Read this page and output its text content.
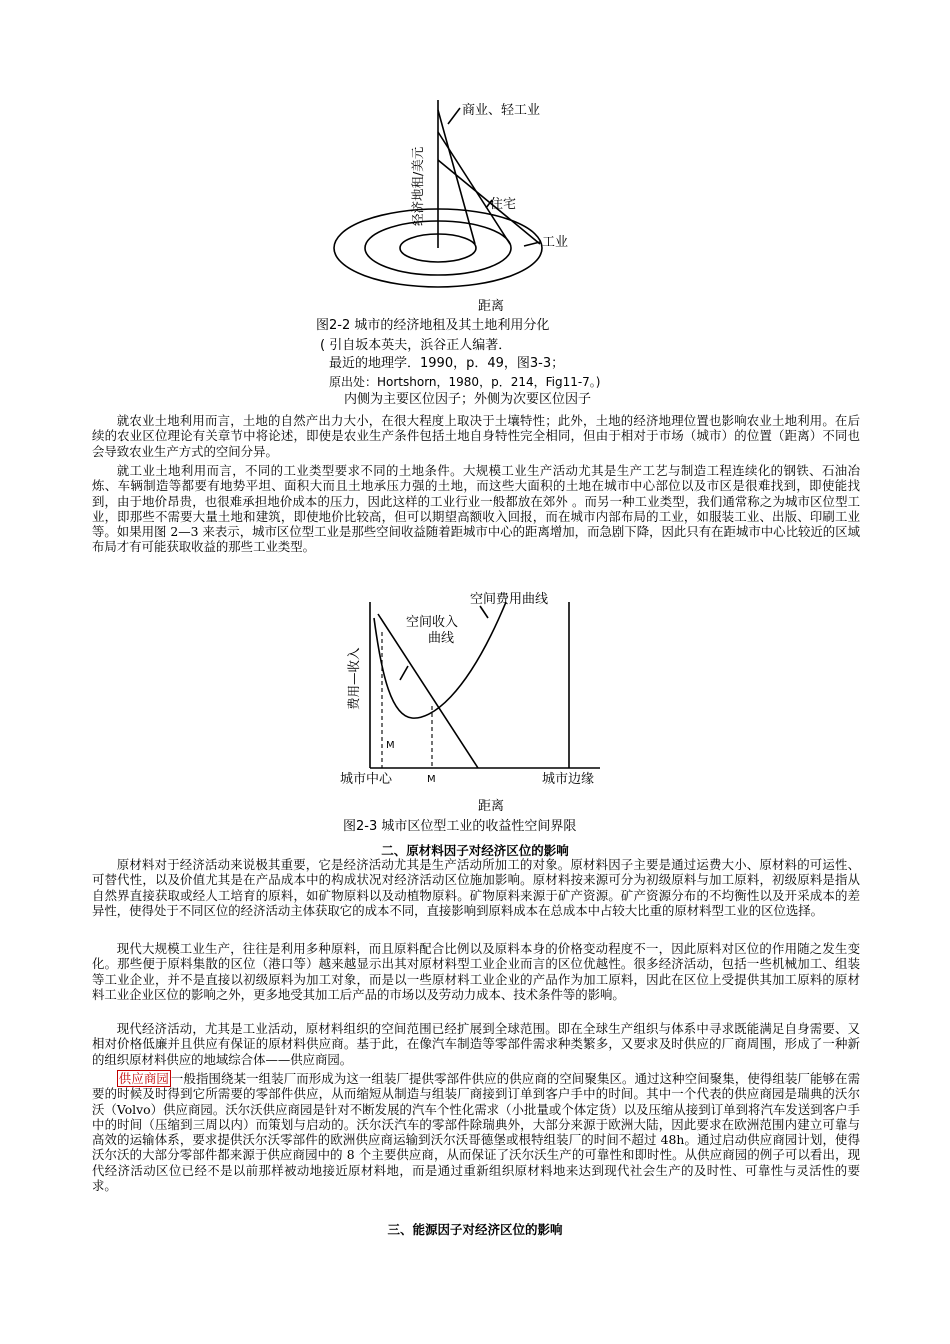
商业、轻工业
住宅
工业
距离
经济地租/美元
图2-2 城市的经济地租及其土地利用分化
( 引自坂本英夫，浜谷正人编著．
最近的地理学．1990，p．49，图3-3；
原出处：Hortshorn，1980，p．214，Fig11-7。)
内侧为主要区位因子；外侧为次要区位因子

就农业土地利用而言，土地的自然产出力大小，在很大程度上取决于土壤特性；此外，土地的经济地理位置也影响农业土地利用。在后续的农业区位理论有关章节中将论述，即使是农业生产条件包括土地自身特性完全相同，但由于相对于市场（城市）的位置（距离）不同也会导致农业生产方式的空间分异。

就工业土地利用而言，不同的工业类型要求不同的土地条件。大规模工业生产活动尤其是生产工艺与制造工程连续化的钢铁、石油冶炼、车辆制造等都要有地势平坦、面积大而且土地承压力强的土地，而这些大面积的土地在城市中心部位以及市区是很难找到，即使能找到，由于地价昂贵，也很难承担地价成本的压力，因此这样的工业行业一般都放在郊外 。而另一种工业类型，我们通常称之为城市区位型工业，即那些不需要大量土地和建筑，即使地价比较高，但可以期望高额收入回报，而在城市内部布局的工业，如服装工业、出版、印刷工业等。如果用图 2—3 来表示，城市区位型工业是那些空间收益随着距城市中心的距离增加，而急剧下降，因此只有在距城市中心比较近的区域布局才有可能获取收益的那些工业类型。

空间费用曲线
空间收入
曲线
费用—收入
M
M
城市中心	城市边缘
距离
图2-3 城市区位型工业的收益性空间界限
二、原材料因子对经济区位的影响

原材料对于经济活动来说极其重要，它是经济活动尤其是生产活动所加工的对象。原材料因子主要是通过运费大小、原材料的可运性、可替代性，以及价值尤其是在产品成本中的构成状况对经济活动区位施加影响。原材料按来源可分为初级原料与加工原料，初级原料是指从自然界直接获取或经人工培育的原料，如矿物原料以及动植物原料。矿物原料来源于矿产资源。矿产资源分布的不均衡性以及开采成本的差异性，使得处于不同区位的经济活动主体获取它的成本不同，直接影响到原料成本在总成本中占较大比重的原材料型工业的区位选择。

现代大规模工业生产，往往是利用多种原料，而且原料配合比例以及原料本身的价格变动程度不一，因此原料对区位的作用随之发生变化。那些便于原料集散的区位（港口等）越来越显示出其对原材料型工业企业而言的区位优越性。很多经济活动，包括一些机械加工、组装等工业企业，并不是直接以初级原料为加工对象，而是以一些原材料工业企业的产品作为加工原料，因此在区位上受提供其加工原料的原材料工业企业区位的影响之外，更多地受其加工后产品的市场以及劳动力成本、技术条件等的影响。

现代经济活动，尤其是工业活动，原材料组织的空间范围已经扩展到全球范围。即在全球生产组织与体系中寻求既能满足自身需要、又相对价格低廉并且供应有保证的原材料供应商。基于此，在像汽车制造等零部件需求种类繁多，又要求及时供应的厂商周围，形成了一种新的组织原材料供应的地域综合体——供应商园。

供应商园 一般指围绕某一组装厂而形成为这一组装厂提供零部件供应的供应商的空间聚集区。通过这种空间聚集，使得组装厂能够在需要的时候及时得到它所需要的零部件供应，从而缩短从制造与组装厂商接到订单到客户手中的时间。其中一个代表的供应商园是瑞典的沃尔沃（Volvo）供应商园。沃尔沃供应商园是针对不断发展的汽车个性化需求（小批量或个体定货）以及压缩从接到订单到将汽车发送到客户手中的时间（压缩到三周以内）而策划与启动的。沃尔沃汽车的零部件除瑞典外，大部分来源于欧洲大陆，因此要求在欧洲范围内建立可靠与高效的运输体系，要求提供沃尔沃零部件的欧洲供应商运输到沃尔沃哥德堡或根特组装厂的时间不超过 48h。通过启动供应商园计划，使得沃尔沃的大部分零部件都来源于供应商园中的 8 个主要供应商，从而保证了沃尔沃生产的可靠性和即时性。从供应商园的例子可以看出，现代经济活动区位已经不是以前那样被动地接近原材料地，而是通过重新组织原材料地来达到现代社会生产的及时性、可靠性与灵活性的要求。

三、能源因子对经济区位的影响
